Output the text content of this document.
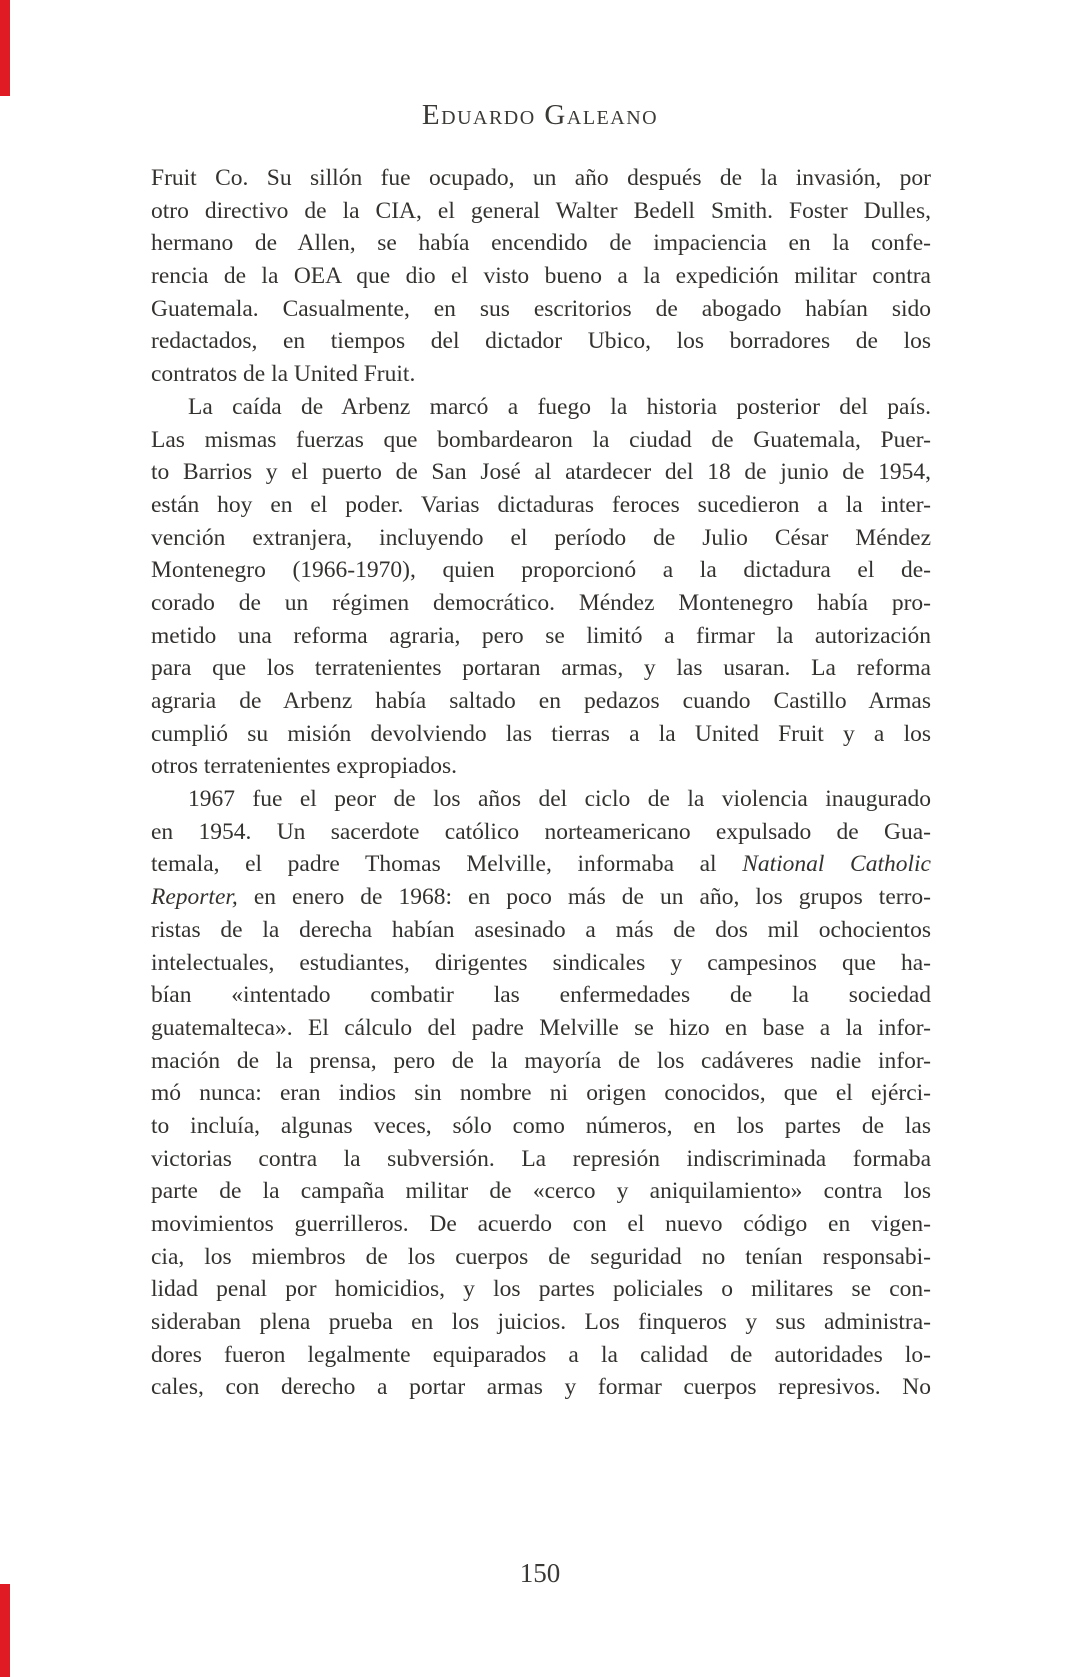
Eduardo Galeano
Fruit Co. Su sillón fue ocupado, un año después de la invasión, por
otro directivo de la CIA, el general Walter Bedell Smith. Foster Dulles,
hermano de Allen, se había encendido de impaciencia en la confe-
rencia de la OEA que dio el visto bueno a la expedición militar contra
Guatemala. Casualmente, en sus escritorios de abogado habían sido
redactados, en tiempos del dictador Ubico, los borradores de los
contratos de la United Fruit.
La caída de Arbenz marcó a fuego la historia posterior del país.
Las mismas fuerzas que bombardearon la ciudad de Guatemala, Puer-
to Barrios y el puerto de San José al atardecer del 18 de junio de 1954,
están hoy en el poder. Varias dictaduras feroces sucedieron a la inter-
vención extranjera, incluyendo el período de Julio César Méndez
Montenegro (1966-1970), quien proporcionó a la dictadura el de-
corado de un régimen democrático. Méndez Montenegro había pro-
metido una reforma agraria, pero se limitó a firmar la autorización
para que los terratenientes portaran armas, y las usaran. La reforma
agraria de Arbenz había saltado en pedazos cuando Castillo Armas
cumplió su misión devolviendo las tierras a la United Fruit y a los
otros terratenientes expropiados.
1967 fue el peor de los años del ciclo de la violencia inaugurado
en 1954. Un sacerdote católico norteamericano expulsado de Gua-
temala, el padre Thomas Melville, informaba al National Catholic
Reporter, en enero de 1968: en poco más de un año, los grupos terro-
ristas de la derecha habían asesinado a más de dos mil ochocientos
intelectuales, estudiantes, dirigentes sindicales y campesinos que ha-
bían «intentado combatir las enfermedades de la sociedad
guatemalteca». El cálculo del padre Melville se hizo en base a la infor-
mación de la prensa, pero de la mayoría de los cadáveres nadie infor-
mó nunca: eran indios sin nombre ni origen conocidos, que el ejérci-
to incluía, algunas veces, sólo como números, en los partes de las
victorias contra la subversión. La represión indiscriminada formaba
parte de la campaña militar de «cerco y aniquilamiento» contra los
movimientos guerrilleros. De acuerdo con el nuevo código en vigen-
cia, los miembros de los cuerpos de seguridad no tenían responsabi-
lidad penal por homicidios, y los partes policiales o militares se con-
sideraban plena prueba en los juicios. Los finqueros y sus administra-
dores fueron legalmente equiparados a la calidad de autoridades lo-
cales, con derecho a portar armas y formar cuerpos represivos. No
150
